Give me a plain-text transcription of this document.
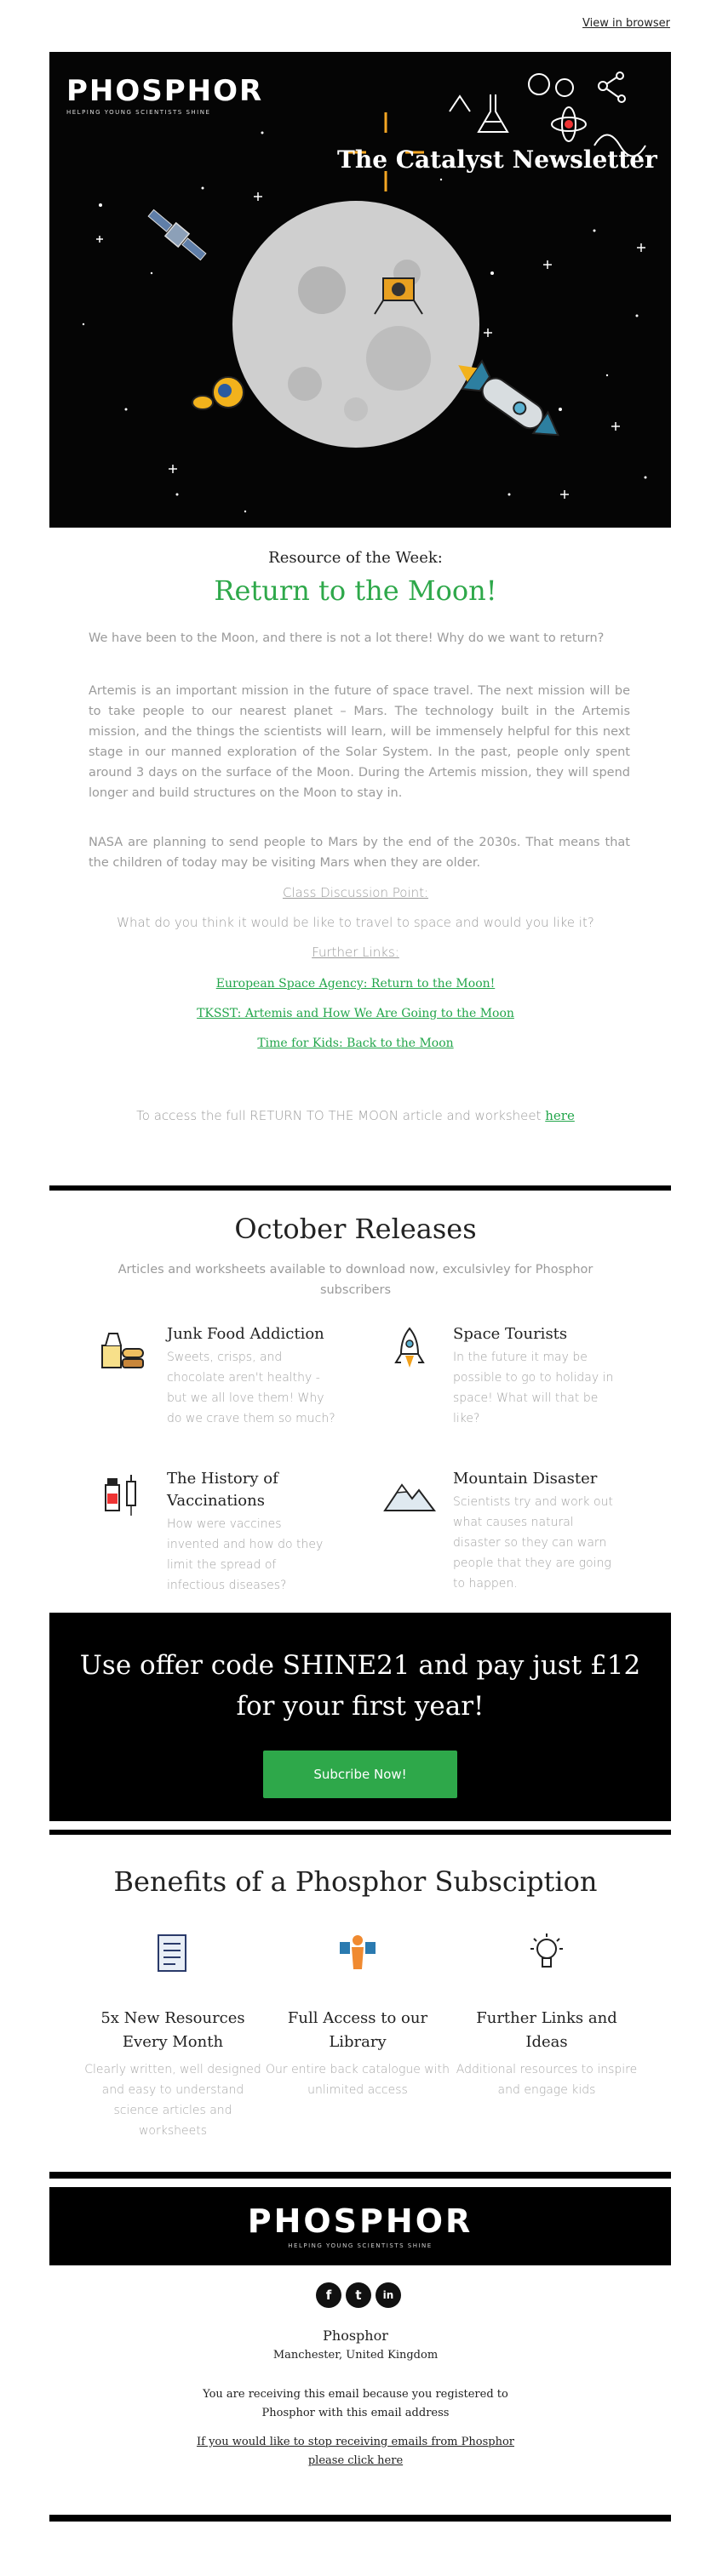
View in browser
PHOSPHOR
HELPING YOUNG SCIENTISTS SHINE
The Catalyst Newsletter
Resource of the Week:
Return to the Moon!
We have been to the Moon, and there is not a lot there! Why do we want to return?
Artemis is an important mission in the future of space travel. The next mission will be to take people to our nearest planet – Mars. The technology built in the Artemis mission, and the things the scientists will learn, will be immensely helpful for this next stage in our manned exploration of the Solar System. In the past, people only spent around 3 days on the surface of the Moon. During the Artemis mission, they will spend longer and build structures on the Moon to stay in.
NASA are planning to send people to Mars by the end of the 2030s. That means that the children of today may be visiting Mars when they are older.
Class Discussion Point:
What do you think it would be like to travel to space and would you like it?
Further Links:
European Space Agency: Return to the Moon!
TKSST: Artemis and How We Are Going to the Moon
Time for Kids: Back to the Moon
To access the full RETURN TO THE MOON article and worksheet here
October Releases
Articles and worksheets available to download now, exculsivley for Phosphor subscribers
Junk Food Addiction
Sweets, crisps, and chocolate aren't healthy - but we all love them! Why do we crave them so much?
Space Tourists
In the future it may be possible to go to holiday in space! What will that be like?
The History of Vaccinations
How were vaccines invented and how do they limit the spread of infectious diseases?
Mountain Disaster
Scientists try and work out what causes natural disaster so they can warn people that they are going to happen.
Use offer code SHINE21 and pay just £12
for your first year!
Subcribe Now!
Benefits of a Phosphor Subsciption
5x New Resources
Every Month
Clearly written, well designed and easy to understand science articles and worksheets
Full Access to our
Library
Our entire back catalogue with unlimited access
Further Links and
Ideas
Additional resources to inspire and engage kids
PHOSPHOR
HELPING YOUNG SCIENTISTS SHINE
f	t	in
Phosphor
Manchester, United Kingdom
You are receiving this email because you registered to
Phosphor with this email address
If you would like to stop receiving emails from Phosphor
please click here
